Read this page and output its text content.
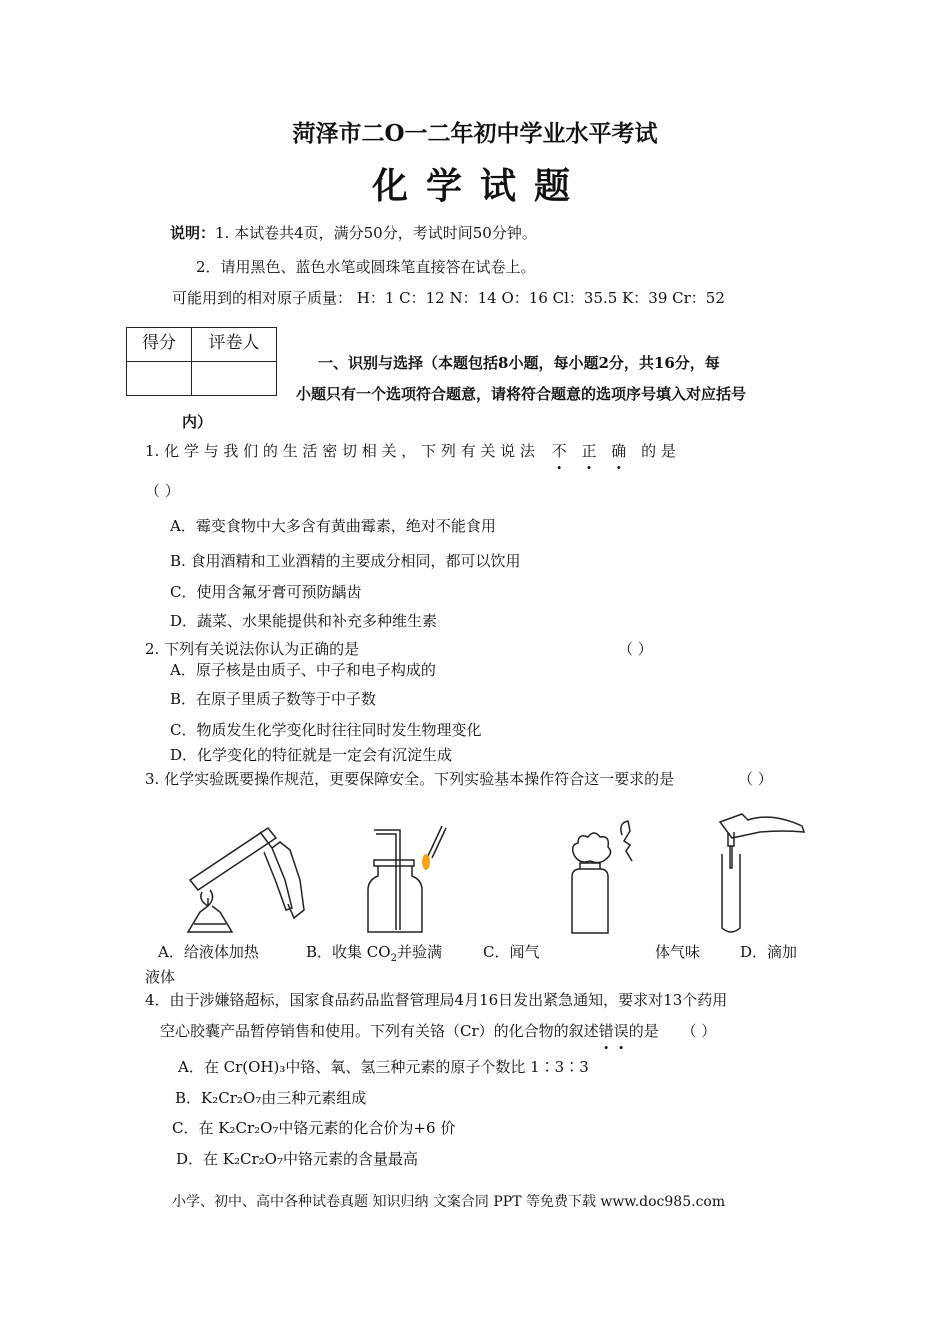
菏泽市二O一二年初中学业水平考试
化学试题
说明：1. 本试卷共4页，满分50分，考试时间50分钟。
2．请用黑色、蓝色水笔或圆珠笔直接答在试卷上。
可能用到的相对原子质量： H：1 C：12 N：14 O：16 Cl：35.5 K：39 Cr：52
得分	评卷人

一、识别与选择（本题包括8小题，每小题2分，共16分，每
小题只有一个选项符合题意，请将符合题意的选项序号填入对应括号
内）
1. 化 学 与 我 们 的 生 活 密 切 相 关 ， 下 列 有 关 说 法 不 正 确 的 是
（ ）
A．霉变食物中大多含有黄曲霉素，绝对不能食用
B. 食用酒精和工业酒精的主要成分相同，都可以饮用
C．使用含氟牙膏可预防龋齿
D．蔬菜、水果能提供和补充多种维生素
2. 下列有关说法你认为正确的是	（ ）
A．原子核是由质子、中子和电子构成的
B．在原子里质子数等于中子数
C．物质发生化学变化时往往同时发生物理变化
D．化学变化的特征就是一定会有沉淀生成
3. 化学实验既要操作规范，更要保障安全。下列实验基本操作符合这一要求的是	（ ）
A．给液体加热	B．收集 $CO_2$并验满	C．闻气	体气味	D．滴加
液体
4．由于涉嫌铬超标，国家食品药品监督管理局4月16日发出紧急通知，要求对13个药用
空心胶囊产品暂停销售和使用。下列有关铬（Cr）的化合物的叙述错误的是 （ ）
A．在 Cr(OH)₃中铬、氧、氢三种元素的原子个数比 1∶3∶3
B．K₂Cr₂O₇由三种元素组成
C．在 K₂Cr₂O₇中铬元素的化合价为+6 价
D．在 K₂Cr₂O₇中铬元素的含量最高
小学、初中、高中各种试卷真题 知识归纳 文案合同 PPT 等免费下载 www.doc985.com
